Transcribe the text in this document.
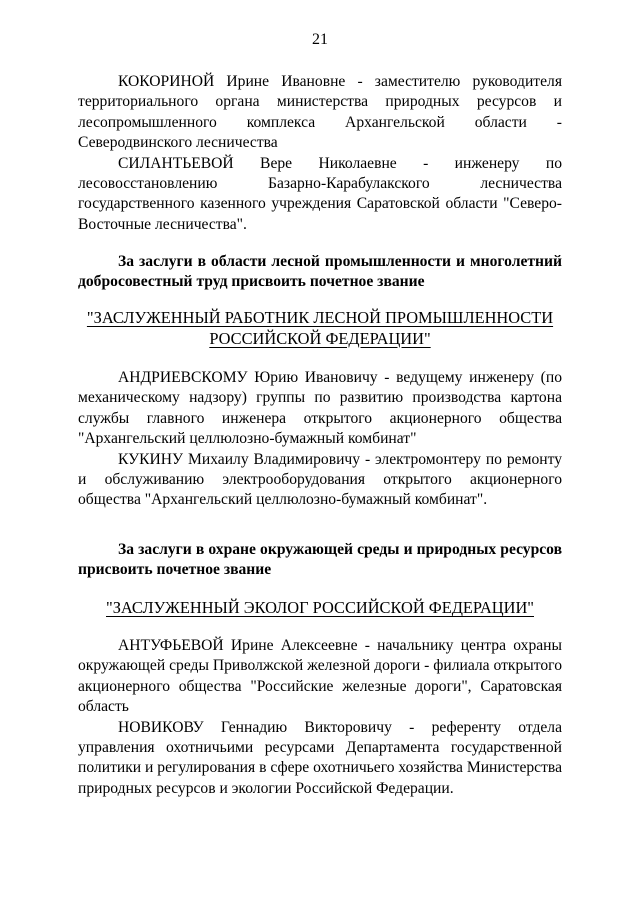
21

КОКОРИНОЙ Ирине Ивановне - заместителю руководителя территориального органа министерства природных ресурсов и лесопромышленного комплекса Архангельской области - Северодвинского лесничества

СИЛАНТЬЕВОЙ Вере Николаевне - инженеру по лесовосстановлению Базарно-Карабулакского лесничества государственного казенного учреждения Саратовской области "Северо-Восточные лесничества".

За заслуги в области лесной промышленности и многолетний добросовестный труд присвоить почетное звание

"ЗАСЛУЖЕННЫЙ РАБОТНИК ЛЕСНОЙ ПРОМЫШЛЕННОСТИ

РОССИЙСКОЙ ФЕДЕРАЦИИ"

АНДРИЕВСКОМУ Юрию Ивановичу - ведущему инженеру (по механическому надзору) группы по развитию производства картона службы главного инженера открытого акционерного общества "Архангельский целлюлозно-бумажный комбинат"

КУКИНУ Михаилу Владимировичу - электромонтеру по ремонту и обслуживанию электрооборудования открытого акционерного общества "Архангельский целлюлозно-бумажный комбинат".

За заслуги в охране окружающей среды и природных ресурсов присвоить почетное звание

"ЗАСЛУЖЕННЫЙ ЭКОЛОГ РОССИЙСКОЙ ФЕДЕРАЦИИ"

АНТУФЬЕВОЙ Ирине Алексеевне - начальнику центра охраны окружающей среды Приволжской железной дороги - филиала открытого акционерного общества "Российские железные дороги", Саратовская область

НОВИКОВУ Геннадию Викторовичу - референту отдела управления охотничьими ресурсами Департамента государственной политики и регулирования в сфере охотничьего хозяйства Министерства природных ресурсов и экологии Российской Федерации.
